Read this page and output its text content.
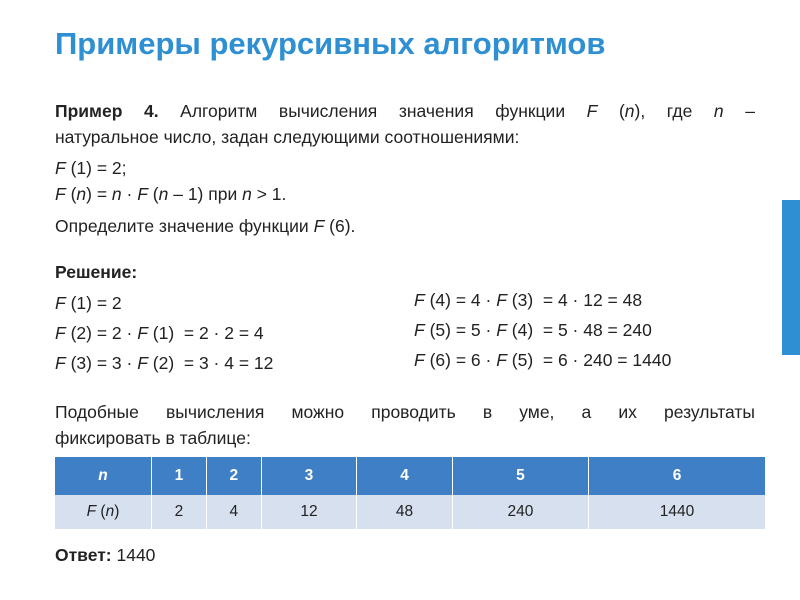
Примеры рекурсивных алгоритмов
Пример 4. Алгоритм вычисления значения функции F (n), где n –
натуральное число, задан следующими соотношениями:
F (1) = 2;
F (n) = n · F (n – 1) при n > 1.
Определите значение функции F (6).
Решение:
F (1) = 2
F (2) = 2 · F (1)  = 2 · 2 = 4
F (3) = 3 · F (2)  = 3 · 4 = 12
F (4) = 4 · F (3)  = 4 · 12 = 48
F (5) = 5 · F (4)  = 5 · 48 = 240
F (6) = 6 · F (5)  = 6 · 240 = 1440
Подобные вычисления можно проводить в уме, а их результаты
фиксировать в таблице:
n	1	2	3	4	5	6
F (n)	2	4	12	48	240	1440
Ответ: 1440
